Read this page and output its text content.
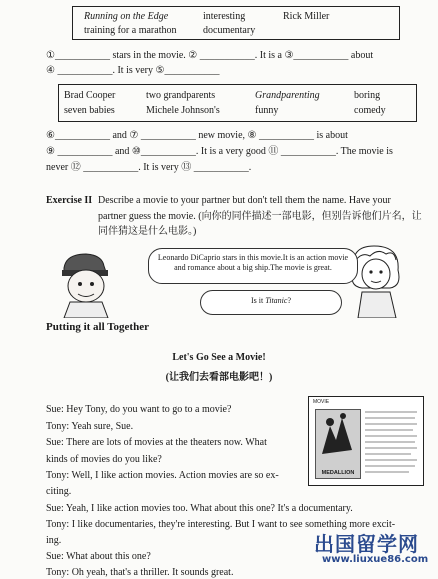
Running on the Edge	interesting	Rick Miller
training for a marathon	documentary
①___________ stars in the movie. ② ___________. It is a ③___________ about
④ ___________. It is very ⑤___________
Brad Cooper	two grandparents	Grandparenting	boring
seven babies	Michele Johnson's	funny	comedy
⑥___________ and ⑦ ___________ new movie, ⑧ ___________ is about
⑨ ___________ and ⑩___________. It is a very good ⑪ ___________. The movie is
never ⑫ ___________. It is very ⑬ ___________.
Exercise II Describe a movie to your partner but don't tell them the name. Have your
partner guess the movie. (向你的同伴描述一部电影，但别告诉他们片名，让
同伴猜这是什么电影。)
Leonardo DiCaprio stars in this movie.It is an action movie and romance about a big ship.The movie is great.
Is it Titanic?
Putting it all Together
Let's Go See a Movie!
(让我们去看部电影吧！)
Sue: Hey Tony, do you want to go to a movie?
Tony: Yeah sure, Sue.
Sue: There are lots of movies at the theaters now. What
kinds of movies do you like?
Tony: Well, I like action movies. Action movies are so ex-
citing.
Sue: Yeah, I like action movies too. What about this one? It's a documentary.
Tony: I like documentaries, they're interesting. But I want to see something more excit-
ing.
Sue: What about this one?
Tony: Oh yeah, that's a thriller. It sounds great.
MOVIE
MEDALLION
出国留学网
www.liuxue86.com
